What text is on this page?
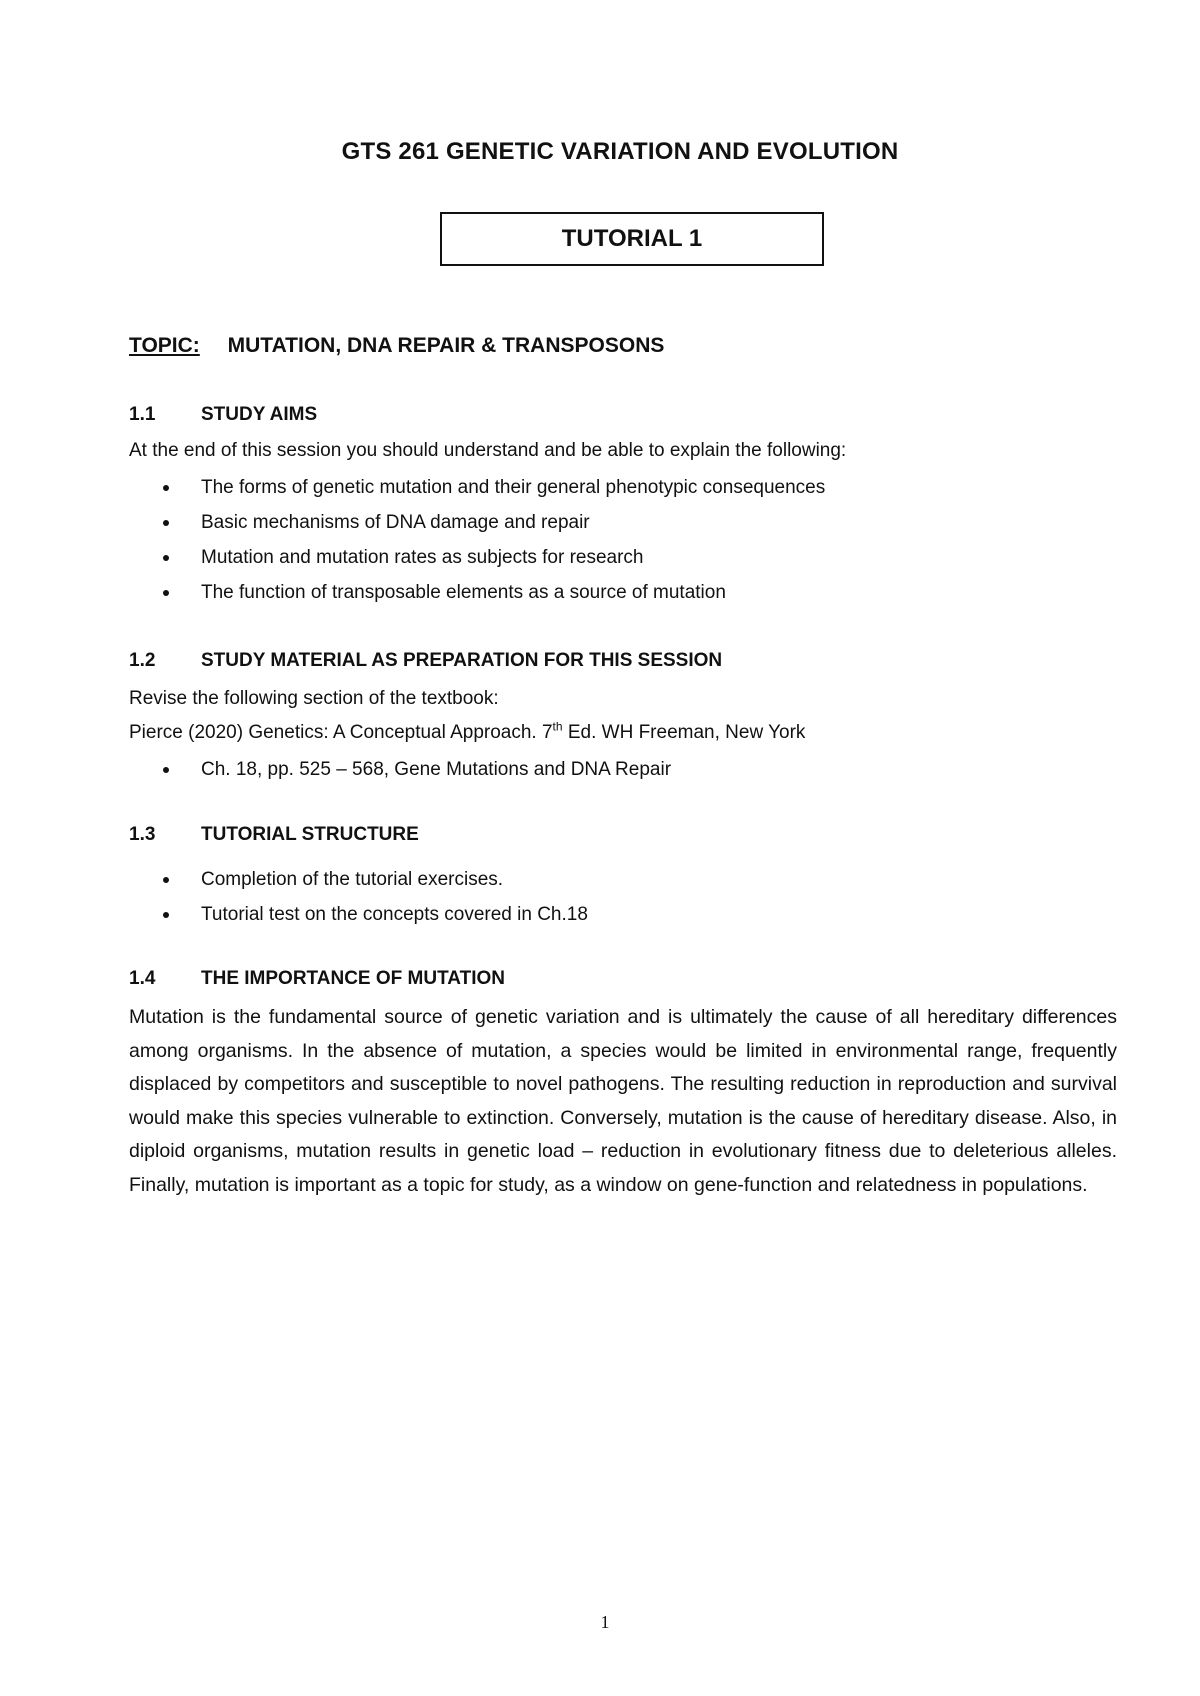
GTS 261 GENETIC VARIATION AND EVOLUTION
TUTORIAL 1
TOPIC: MUTATION, DNA REPAIR & TRANSPOSONS
1.1 STUDY AIMS
At the end of this session you should understand and be able to explain the following:
The forms of genetic mutation and their general phenotypic consequences
Basic mechanisms of DNA damage and repair
Mutation and mutation rates as subjects for research
The function of transposable elements as a source of mutation
1.2 STUDY MATERIAL AS PREPARATION FOR THIS SESSION
Revise the following section of the textbook:
Pierce (2020) Genetics: A Conceptual Approach. 7th Ed. WH Freeman, New York
Ch. 18, pp. 525 – 568, Gene Mutations and DNA Repair
1.3 TUTORIAL STRUCTURE
Completion of the tutorial exercises.
Tutorial test on the concepts covered in Ch.18
1.4 THE IMPORTANCE OF MUTATION

Mutation is the fundamental source of genetic variation and is ultimately the cause of all hereditary differences among organisms. In the absence of mutation, a species would be limited in environmental range, frequently displaced by competitors and susceptible to novel pathogens. The resulting reduction in reproduction and survival would make this species vulnerable to extinction. Conversely, mutation is the cause of hereditary disease. Also, in diploid organisms, mutation results in genetic load – reduction in evolutionary fitness due to deleterious alleles. Finally, mutation is important as a topic for study, as a window on gene-function and relatedness in populations.

1
